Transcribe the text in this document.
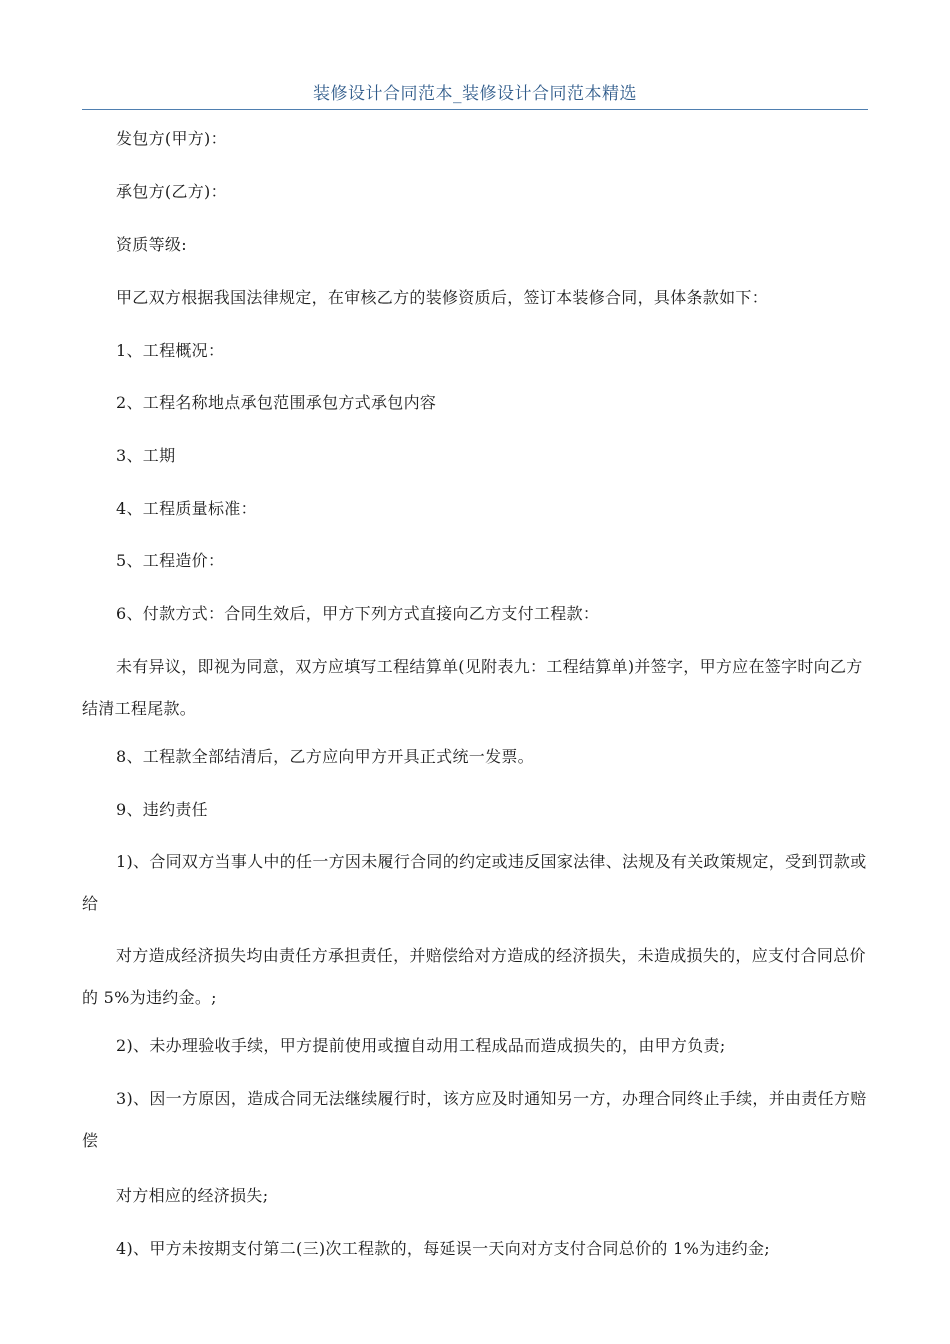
装修设计合同范本_装修设计合同范本精选

发包方(甲方)：

承包方(乙方)：

资质等级:

甲乙双方根据我国法律规定，在审核乙方的装修资质后，签订本装修合同，具体条款如下：

1、工程概况：

2、工程名称地点承包范围承包方式承包内容

3、工期

4、工程质量标准：

5、工程造价：

6、付款方式：合同生效后，甲方下列方式直接向乙方支付工程款：

未有异议，即视为同意，双方应填写工程结算单(见附表九：工程结算单)并签字，甲方应在签字时向乙方结清工程尾款。

8、工程款全部结清后，乙方应向甲方开具正式统一发票。

9、违约责任

1)、合同双方当事人中的任一方因未履行合同的约定或违反国家法律、法规及有关政策规定，受到罚款或给

对方造成经济损失均由责任方承担责任，并赔偿给对方造成的经济损失，未造成损失的，应支付合同总价的 5%为违约金。;

2)、未办理验收手续，甲方提前使用或擅自动用工程成品而造成损失的，由甲方负责;

3)、因一方原因，造成合同无法继续履行时，该方应及时通知另一方，办理合同终止手续，并由责任方赔偿

对方相应的经济损失;

4)、甲方未按期支付第二(三)次工程款的，每延误一天向对方支付合同总价的 1%为违约金;
